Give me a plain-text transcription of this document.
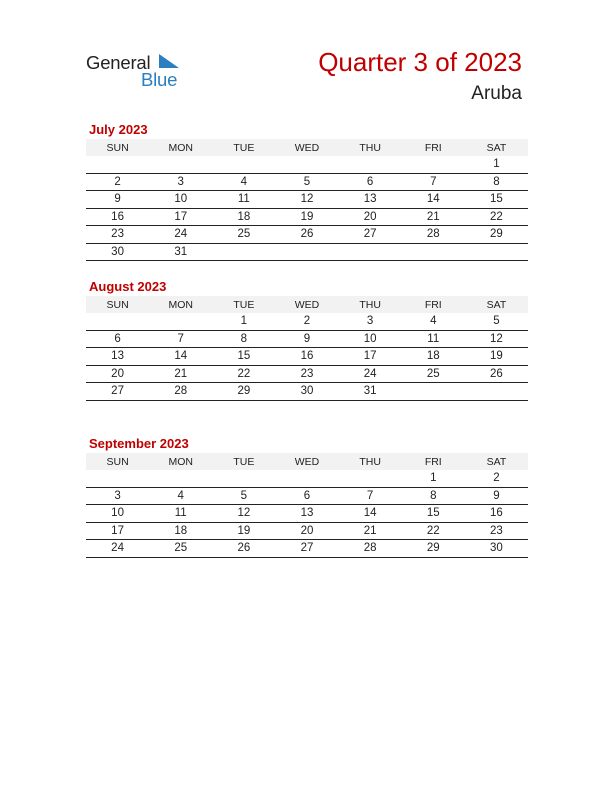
General
Blue
Quarter 3 of 2023
Aruba
July 2023
SUN	MON	TUE	WED	THU	FRI	SAT
						1
2	3	4	5	6	7	8
9	10	11	12	13	14	15
16	17	18	19	20	21	22
23	24	25	26	27	28	29
30	31					
August 2023
SUN	MON	TUE	WED	THU	FRI	SAT
		1	2	3	4	5
6	7	8	9	10	11	12
13	14	15	16	17	18	19
20	21	22	23	24	25	26
27	28	29	30	31		
September 2023
SUN	MON	TUE	WED	THU	FRI	SAT
					1	2
3	4	5	6	7	8	9
10	11	12	13	14	15	16
17	18	19	20	21	22	23
24	25	26	27	28	29	30
